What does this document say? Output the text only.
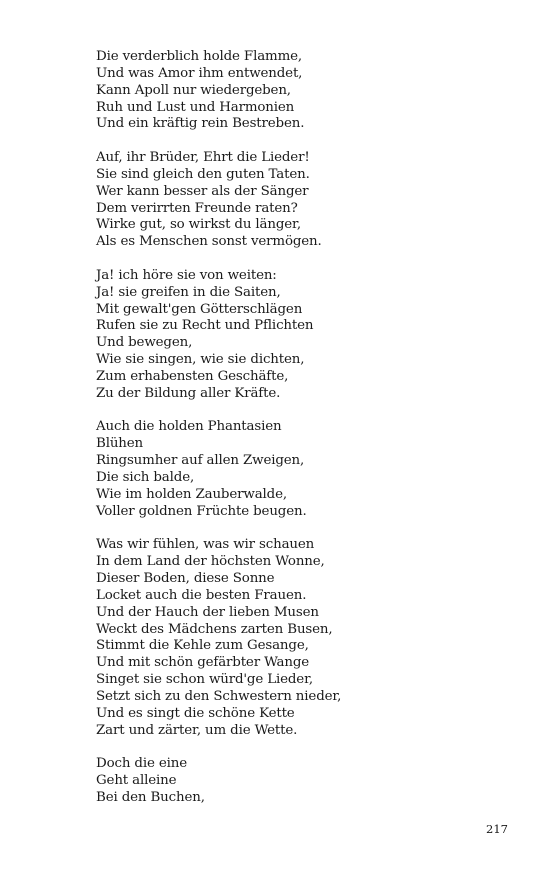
Die verderblich holde Flamme,
Und was Amor ihm entwendet,
Kann Apoll nur wiedergeben,
Ruh und Lust und Harmonien
Und ein kräftig rein Bestreben.
Auf, ihr Brüder, Ehrt die Lieder!
Sie sind gleich den guten Taten.
Wer kann besser als der Sänger
Dem verirrten Freunde raten?
Wirke gut, so wirkst du länger,
Als es Menschen sonst vermögen.
Ja! ich höre sie von weiten:
Ja! sie greifen in die Saiten,
Mit gewalt'gen Götterschlägen
Rufen sie zu Recht und Pflichten
Und bewegen,
Wie sie singen, wie sie dichten,
Zum erhabensten Geschäfte,
Zu der Bildung aller Kräfte.
Auch die holden Phantasien
Blühen
Ringsumher auf allen Zweigen,
Die sich balde,
Wie im holden Zauberwalde,
Voller goldnen Früchte beugen.
Was wir fühlen, was wir schauen
In dem Land der höchsten Wonne,
Dieser Boden, diese Sonne
Locket auch die besten Frauen.
Und der Hauch der lieben Musen
Weckt des Mädchens zarten Busen,
Stimmt die Kehle zum Gesange,
Und mit schön gefärbter Wange
Singet sie schon würd'ge Lieder,
Setzt sich zu den Schwestern nieder,
Und es singt die schöne Kette
Zart und zärter, um die Wette.
Doch die eine
Geht alleine
Bei den Buchen,
217
